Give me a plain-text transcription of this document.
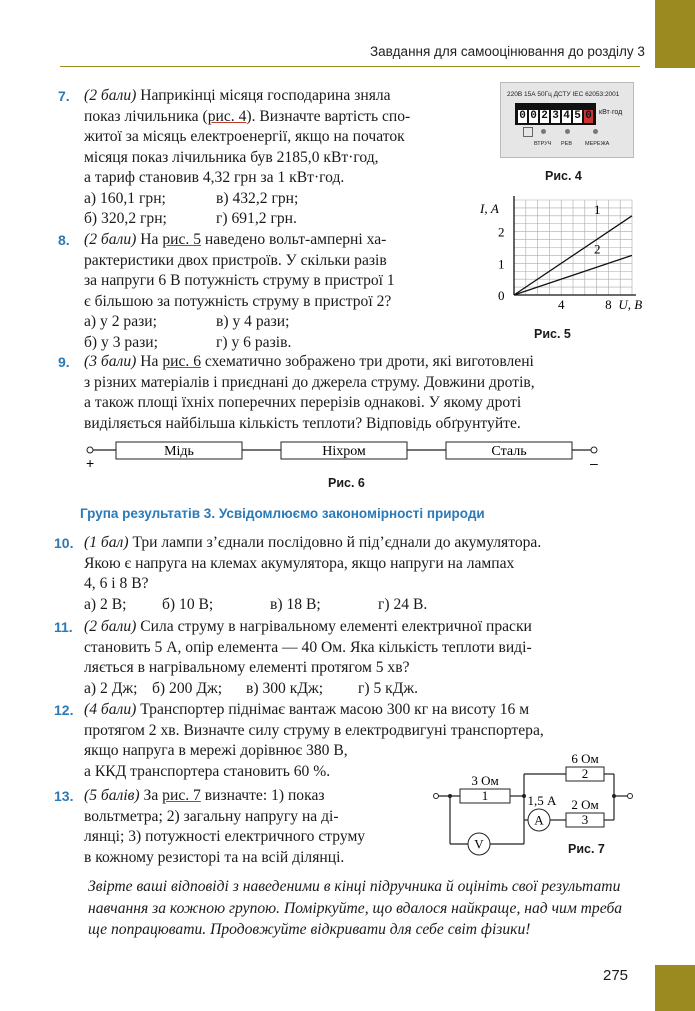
Завдання для самооцінювання до розділу 3
7. (2 бали) Наприкінці місяця господарина зняла
показ лічильника (рис. 4). Визначте вартість спо-
житої за місяць електроенергії, якщо на початок
місяця показ лічильника був 2185,0 кВт·год,
а тариф становив 4,32 грн за 1 кВт·год.
а) 160,1 грн;	в) 432,2 грн;
б) 320,2 грн;	г) 691,2 грн.
220В 15А 50Гц ДСТУ IEC 62053:2001
0 0 2 3 4 5 0	кВт·год
ВТРУЧ РЕВ МЕРЕЖА
Рис. 4
8. (2 бали) На рис. 5 наведено вольт-амперні ха-
рактеристики двох пристроїв. У скільки разів
за напруги 6 В потужність струму в пристрої 1
є більшою за потужність струму в пристрої 2?
а) у 2 рази;	в) у 4 рази;
б) у 3 рази;	г) у 6 разів.
4	8
0
1
2
U, В
I, А	1
2
Рис. 5
9. (3 бали) На рис. 6 схематично зображено три дроти, які виготовлені
з різних матеріалів і приєднані до джерела струму. Довжини дротів,
а також площі їхніх поперечних перерізів однакові. У якому дроті
виділяється найбільша кількість теплоти? Відповідь обґрунтуйте.
Мідь	Ніхром	Сталь
+	–
Рис. 6
Група результатів 3. Усвідомлюємо закономірності природи
10. (1 бал) Три лампи з’єднали послідовно й під’єднали до акумулятора.
Якою є напруга на клемах акумулятора, якщо напруги на лампах
4, 6 і 8 В?
а) 2 В; б) 10 В;	в) 18 В;	г) 24 В.
11. (2 бали) Сила струму в нагрівальному елементі електричної праски
становить 5 А, опір елемента — 40 Ом. Яка кількість теплоти виді-
ляється в нагрівальному елементі протягом 5 хв?
а) 2 Дж; б) 200 Дж; в) 300 кДж; г) 5 кДж.
12. (4 бали) Транспортер піднімає вантаж масою 300 кг на висоту 16 м
протягом 2 хв. Визначте силу струму в електродвигуні транспортера,
якщо напруга в мережі дорівнює 380 В,
а ККД транспортера становить 60 %.
13. (5 балів) За рис. 7 визначте: 1) показ
вольтметра; 2) загальну напругу на ді-
лянці; 3) потужності електричного струму
в кожному резисторі та на всій ділянці.
1
3 Ом	2
6 Ом
3
2 Ом
A
1,5 А
V	Рис. 7
Звірте ваші відповіді з наведеними в кінці підручника й оцініть свої результати навчання за кожною групою. Поміркуйте, що вдалося найкраще, над чим треба ще попрацювати. Продовжуйте відкривати для себе світ фізики!
275
